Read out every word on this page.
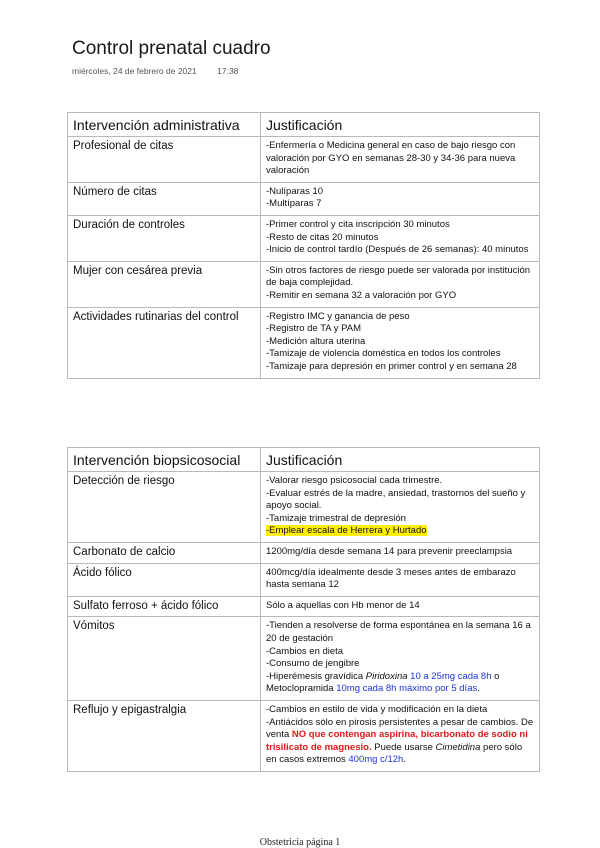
Control prenatal cuadro
miércoles, 24 de febrero de 2021 17:38
Intervención administrativa	Justificación
Profesional de citas	-Enfermería o Medicina general en caso de bajo riesgo con valoración por GYO en semanas 28-30 y 34-36 para nueva valoración

Número de citas	-Nulíparas 10
-Multíparas 7

Duración de controles	-Primer control y cita inscripción 30 minutos
-Resto de citas 20 minutos
-Inicio de control tardío (Después de 26 semanas): 40 minutos

Mujer con cesárea previa	-Sin otros factores de riesgo puede ser valorada por institución de baja complejidad.
-Remitir en semana 32 a valoración por GYO

Actividades rutinarias del control	-Registro IMC y ganancia de peso
-Registro de TA y PAM
-Medición altura uterina
-Tamizaje de violencia doméstica en todos los controles
-Tamizaje para depresión en primer control y en semana 28
Intervención biopsicosocial	Justificación
Detección de riesgo	-Valorar riesgo psicosocial cada trimestre.
-Evaluar estrés de la madre, ansiedad, trastornos del sueño y apoyo social.
-Tamizaje trimestral de depresión
-Emplear escala de Herrera y Hurtado

Carbonato de calcio	1200mg/día desde semana 14 para prevenir preeclampsia

Ácido fólico	400mcg/día idealmente desde 3 meses antes de embarazo hasta semana 12

Sulfato ferroso + ácido fólico	Sólo a aquellas con Hb menor de 14

Vómitos	-Tienden a resolverse de forma espontánea en la semana 16 a 20 de gestación
-Cambios en dieta
-Consumo de jengibre
-Hiperémesis gravídica Piridoxina 10 a 25mg cada 8h o Metoclopramida 10mg cada 8h máximo por 5 días.

Reflujo y epigastralgia	-Cambios en estilo de vida y modificación en la dieta
-Antiácidos sólo en pirosis persistentes a pesar de cambios. De venta NO que contengan aspirina, bicarbonato de sodio ni trisilicato de magnesio. Puede usarse Cimetidina pero sólo en casos extremos 400mg c/12h.
Obstetricia página 1
